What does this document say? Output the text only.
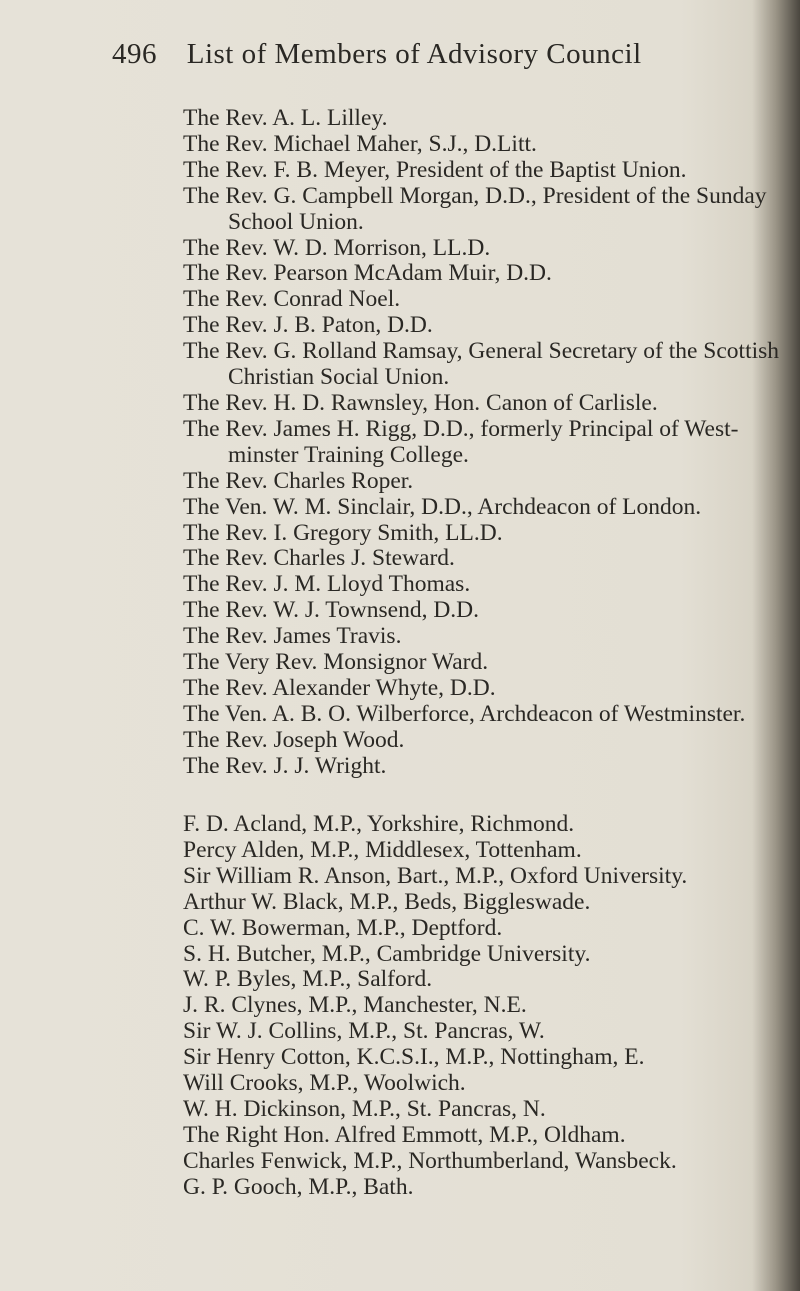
496 List of Members of Advisory Council
The Rev. A. L. Lilley.
The Rev. Michael Maher, S.J., D.Litt.
The Rev. F. B. Meyer, President of the Baptist Union.
The Rev. G. Campbell Morgan, D.D., President of the Sunday
School Union.
The Rev. W. D. Morrison, LL.D.
The Rev. Pearson McAdam Muir, D.D.
The Rev. Conrad Noel.
The Rev. J. B. Paton, D.D.
The Rev. G. Rolland Ramsay, General Secretary of the Scottish
Christian Social Union.
The Rev. H. D. Rawnsley, Hon. Canon of Carlisle.
The Rev. James H. Rigg, D.D., formerly Principal of West-
minster Training College.
The Rev. Charles Roper.
The Ven. W. M. Sinclair, D.D., Archdeacon of London.
The Rev. I. Gregory Smith, LL.D.
The Rev. Charles J. Steward.
The Rev. J. M. Lloyd Thomas.
The Rev. W. J. Townsend, D.D.
The Rev. James Travis.
The Very Rev. Monsignor Ward.
The Rev. Alexander Whyte, D.D.
The Ven. A. B. O. Wilberforce, Archdeacon of Westminster.
The Rev. Joseph Wood.
The Rev. J. J. Wright.
F. D. Acland, M.P., Yorkshire, Richmond.
Percy Alden, M.P., Middlesex, Tottenham.
Sir William R. Anson, Bart., M.P., Oxford University.
Arthur W. Black, M.P., Beds, Biggleswade.
C. W. Bowerman, M.P., Deptford.
S. H. Butcher, M.P., Cambridge University.
W. P. Byles, M.P., Salford.
J. R. Clynes, M.P., Manchester, N.E.
Sir W. J. Collins, M.P., St. Pancras, W.
Sir Henry Cotton, K.C.S.I., M.P., Nottingham, E.
Will Crooks, M.P., Woolwich.
W. H. Dickinson, M.P., St. Pancras, N.
The Right Hon. Alfred Emmott, M.P., Oldham.
Charles Fenwick, M.P., Northumberland, Wansbeck.
G. P. Gooch, M.P., Bath.
